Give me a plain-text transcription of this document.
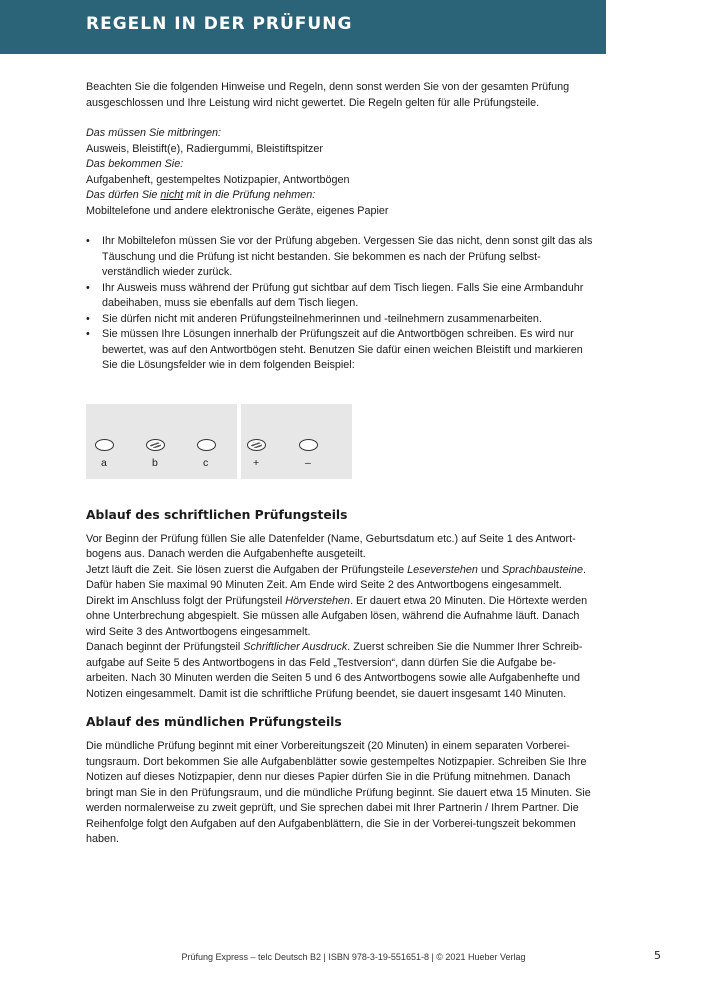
REGELN IN DER PRÜFUNG

Beachten Sie die folgenden Hinweise und Regeln, denn sonst werden Sie von der gesamten Prüfung ausgeschlossen und Ihre Leistung wird nicht gewertet. Die Regeln gelten für alle Prüfungsteile.

Das müssen Sie mitbringen:

Ausweis, Bleistift(e), Radiergummi, Bleistiftspitzer

Das bekommen Sie:

Aufgabenheft, gestempeltes Notizpapier, Antwortbögen

Das dürfen Sie nicht mit in die Prüfung nehmen:

Mobiltelefone und andere elektronische Geräte, eigenes Papier

• Ihr Mobiltelefon müssen Sie vor der Prüfung abgeben. Vergessen Sie das nicht, denn sonst gilt das als Täuschung und die Prüfung ist nicht bestanden. Sie bekommen es nach der Prüfung selbst-verständlich wieder zurück.
• Ihr Ausweis muss während der Prüfung gut sichtbar auf dem Tisch liegen. Falls Sie eine Armbanduhr dabeihaben, muss sie ebenfalls auf dem Tisch liegen.
• Sie dürfen nicht mit anderen Prüfungsteilnehmerinnen und -teilnehmern zusammenarbeiten.
• Sie müssen Ihre Lösungen innerhalb der Prüfungszeit auf die Antwortbögen schreiben. Es wird nur bewertet, was auf den Antwortbögen steht. Benutzen Sie dafür einen weichen Bleistift und markieren Sie die Lösungsfelder wie in dem folgenden Beispiel:
a	b	c	+	–
Ablauf des schriftlichen Prüfungsteils

Vor Beginn der Prüfung füllen Sie alle Datenfelder (Name, Geburtsdatum etc.) auf Seite 1 des Antwort-bogens aus. Danach werden die Aufgabenhefte ausgeteilt.

Jetzt läuft die Zeit. Sie lösen zuerst die Aufgaben der Prüfungsteile Leseverstehen und Sprachbausteine. Dafür haben Sie maximal 90 Minuten Zeit. Am Ende wird Seite 2 des Antwortbogens eingesammelt.

Direkt im Anschluss folgt der Prüfungsteil Hörverstehen. Er dauert etwa 20 Minuten. Die Hörtexte werden ohne Unterbrechung abgespielt. Sie müssen alle Aufgaben lösen, während die Aufnahme läuft. Danach wird Seite 3 des Antwortbogens eingesammelt.

Danach beginnt der Prüfungsteil Schriftlicher Ausdruck. Zuerst schreiben Sie die Nummer Ihrer Schreib-aufgabe auf Seite 5 des Antwortbogens in das Feld „Testversion“, dann dürfen Sie die Aufgabe be-arbeiten. Nach 30 Minuten werden die Seiten 5 und 6 des Antwortbogens sowie alle Aufgabenhefte und Notizen eingesammelt. Damit ist die schriftliche Prüfung beendet, sie dauert insgesamt 140 Minuten.

Ablauf des mündlichen Prüfungsteils

Die mündliche Prüfung beginnt mit einer Vorbereitungszeit (20 Minuten) in einem separaten Vorberei-tungsraum. Dort bekommen Sie alle Aufgabenblätter sowie gestempeltes Notizpapier. Schreiben Sie Ihre Notizen auf dieses Notizpapier, denn nur dieses Papier dürfen Sie in die Prüfung mitnehmen. Danach bringt man Sie in den Prüfungsraum, und die mündliche Prüfung beginnt. Sie dauert etwa 15 Minuten. Sie werden normalerweise zu zweit geprüft, und Sie sprechen dabei mit Ihrer Partnerin / Ihrem Partner. Die Reihenfolge folgt den Aufgaben auf den Aufgabenblättern, die Sie in der Vorberei-tungszeit bekommen haben.

Prüfung Express – telc Deutsch B2 | ISBN 978-3-19-551651-8 | © 2021 Hueber Verlag	5
